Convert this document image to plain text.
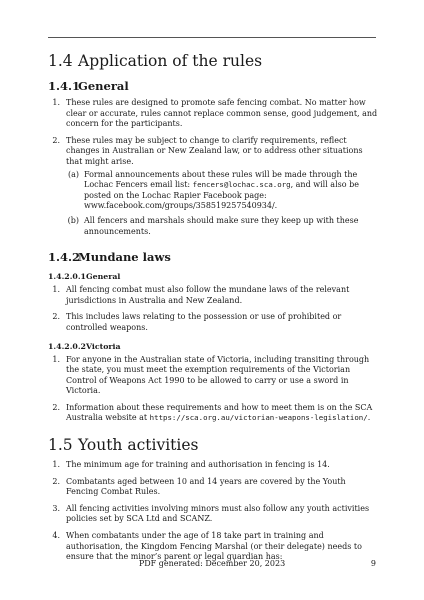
1.4 Application of the rules
1.4.1
General
1. These rules are designed to promote safe fencing combat. No matter how clear or accurate, rules cannot replace common sense, good judgement, and concern for the participants.
2. These rules may be subject to change to clarify requirements, reflect changes in Australian or New Zealand law, or to address other situations that might arise.
(a) Formal announcements about these rules will be made through the Lochac Fencers email list: fencers@lochac.sca.org, and will also be posted on the Lochac Rapier Facebook page: www.facebook.com/groups/358519257540934/.
(b) All fencers and marshals should make sure they keep up with these announcements.
1.4.2
Mundane laws
1.4.2.0.1 General
1. All fencing combat must also follow the mundane laws of the relevant jurisdictions in Australia and New Zealand.
2. This includes laws relating to the possession or use of prohibited or controlled weapons.
1.4.2.0.2 Victoria
1. For anyone in the Australian state of Victoria, including transiting through the state, you must meet the exemption requirements of the Victorian Control of Weapons Act 1990 to be allowed to carry or use a sword in Victoria.
2. Information about these requirements and how to meet them is on the SCA Australia website at https://sca.org.au/victorian-weapons-legislation/.
1.5 Youth activities
1. The minimum age for training and authorisation in fencing is 14.
2. Combatants aged between 10 and 14 years are covered by the Youth Fencing Combat Rules.
3. All fencing activities involving minors must also follow any youth activities policies set by SCA Ltd and SCANZ.
4. When combatants under the age of 18 take part in training and authorisation, the Kingdom Fencing Marshal (or their delegate) needs to ensure that the minor’s parent or legal guardian has:
PDF generated: December 20, 2023	9
